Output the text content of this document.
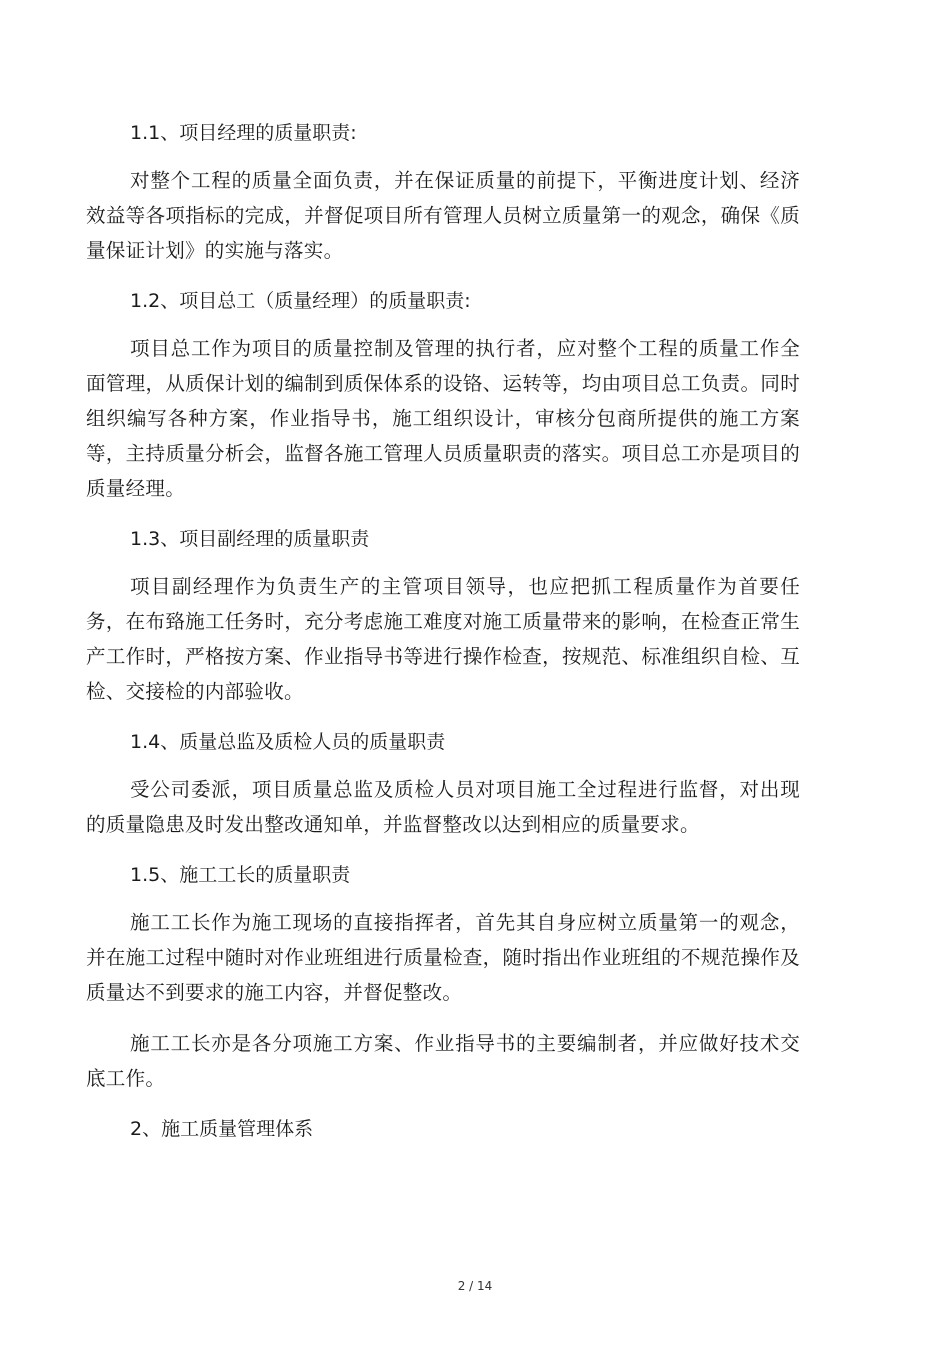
1.1、项目经理的质量职责:

对整个工程的质量全面负责，并在保证质量的前提下，平衡进度计划、经济效益等各项指标的完成，并督促项目所有管理人员树立质量第一的观念，确保《质量保证计划》的实施与落实。

1.2、项目总工（质量经理）的质量职责:

项目总工作为项目的质量控制及管理的执行者，应对整个工程的质量工作全面管理，从质保计划的编制到质保体系的设铬、运转等，均由项目总工负责。同时组织编写各种方案，作业指导书，施工组织设计，审核分包商所提供的施工方案等，主持质量分析会，监督各施工管理人员质量职责的落实。项目总工亦是项目的质量经理。

1.3、项目副经理的质量职责

项目副经理作为负责生产的主管项目领导，也应把抓工程质量作为首要任务，在布臵施工任务时，充分考虑施工难度对施工质量带来的影响，在检查正常生产工作时，严格按方案、作业指导书等进行操作检查，按规范、标准组织自检、互检、交接检的内部验收。

1.4、质量总监及质检人员的质量职责

受公司委派，项目质量总监及质检人员对项目施工全过程进行监督，对出现的质量隐患及时发出整改通知单，并监督整改以达到相应的质量要求。

1.5、施工工长的质量职责

施工工长作为施工现场的直接指挥者，首先其自身应树立质量第一的观念，并在施工过程中随时对作业班组进行质量检查，随时指出作业班组的不规范操作及质量达不到要求的施工内容，并督促整改。

施工工长亦是各分项施工方案、作业指导书的主要编制者，并应做好技术交底工作。

2、施工质量管理体系

2 / 14
